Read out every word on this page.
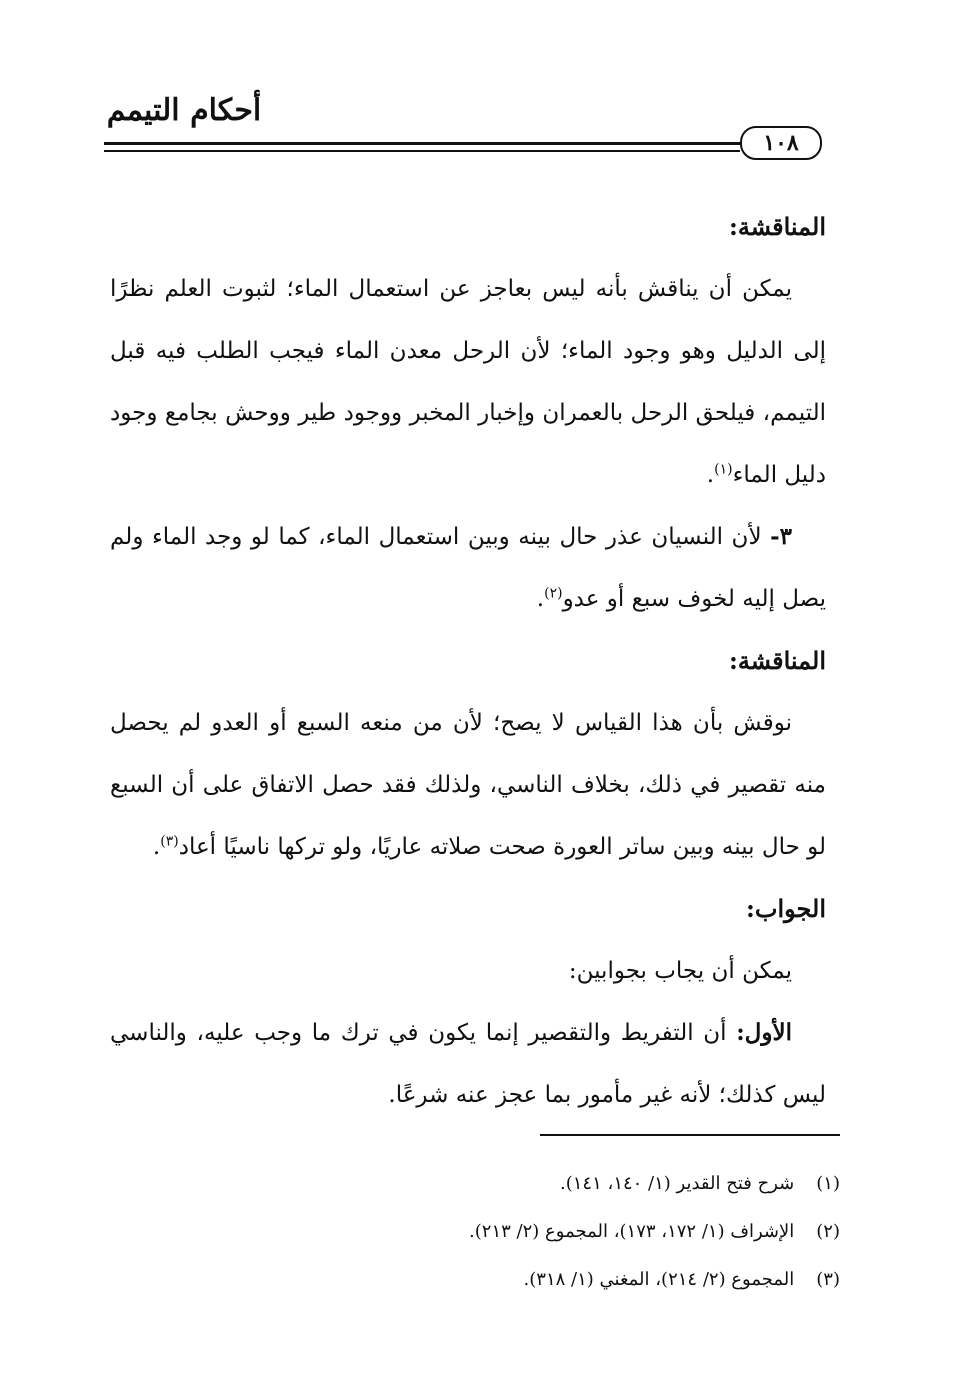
أحكام التيمم
١٠٨

المناقشة:

يمكن أن يناقش بأنه ليس بعاجز عن استعمال الماء؛ لثبوت العلم نظرًا إلى الدليل وهو وجود الماء؛ لأن الرحل معدن الماء فيجب الطلب فيه قبل التيمم، فيلحق الرحل بالعمران وإخبار المخبر ووجود طير ووحش بجامع وجود دليل الماء$^{(١)}$.

٣- لأن النسيان عذر حال بينه وبين استعمال الماء، كما لو وجد الماء ولم يصل إليه لخوف سبع أو عدو$^{(٢)}$.

المناقشة:

نوقش بأن هذا القياس لا يصح؛ لأن من منعه السبع أو العدو لم يحصل منه تقصير في ذلك، بخلاف الناسي، ولذلك فقد حصل الاتفاق على أن السبع لو حال بينه وبين ساتر العورة صحت صلاته عاريًا، ولو تركها ناسيًا أعاد$^{(٣)}$.

الجواب:

يمكن أن يجاب بجوابين:

الأول: أن التفريط والتقصير إنما يكون في ترك ما وجب عليه، والناسي ليس كذلك؛ لأنه غير مأمور بما عجز عنه شرعًا.

(١) شرح فتح القدير (١/ ١٤٠، ١٤١).

(٢) الإشراف (١/ ١٧٢، ١٧٣)، المجموع (٢/ ٢١٣).

(٣) المجموع (٢/ ٢١٤)، المغني (١/ ٣١٨).
